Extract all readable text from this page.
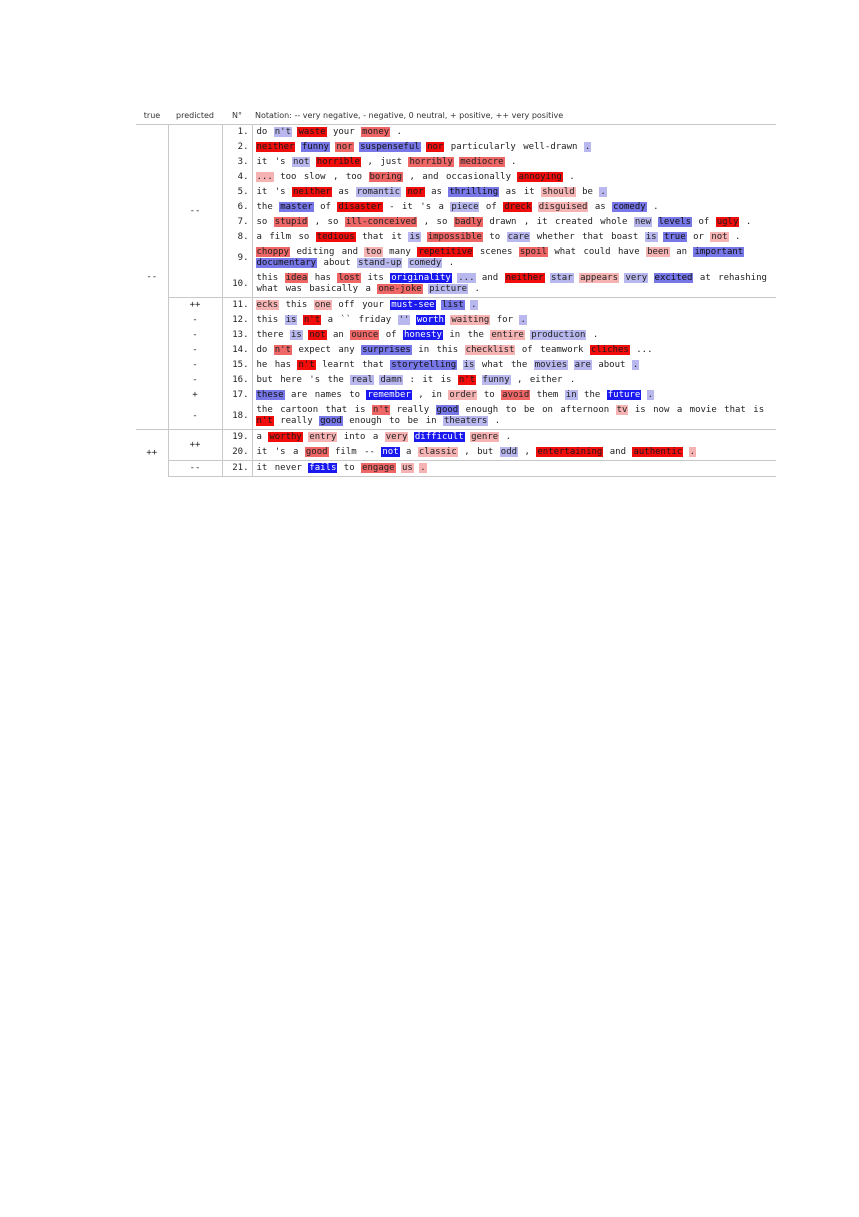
true	predicted	N°	Notation: -- very negative, - negative, 0 neutral, + positive, ++ very positive
--	--	1.	do n't waste your money .
		2.	neither funny nor suspenseful nor particularly well-drawn .
		3.	it 's not horrible , just horribly mediocre .
		4.	... too slow , too boring , and occasionally annoying .
		5.	it 's neither as romantic nor as thrilling as it should be .
		6.	the master of disaster - it 's a piece of dreck disguised as comedy .
		7.	so stupid , so ill-conceived , so badly drawn , it created whole new levels of ugly .
		8.	a film so tedious that it is impossible to care whether that boast is true or not .
		9.	choppy editing and too many repetitive scenes spoil what could have been an important documentary about stand-up comedy .
		10.	this idea has lost its originality ... and neither star appears very excited at rehashing what was basically a one-joke picture .
	++	11.	ecks this one off your must-see list .
	-	12.	this is n't a `` friday '' worth waiting for .
	-	13.	there is not an ounce of honesty in the entire production .
	-	14.	do n't expect any surprises in this checklist of teamwork cliches ...
	-	15.	he has n't learnt that storytelling is what the movies are about .
	-	16.	but here 's the real damn : it is n't funny , either .
	+	17.	these are names to remember , in order to avoid them in the future .
	-	18.	the cartoon that is n't really good enough to be on afternoon tv is now a movie that is n't really good enough to be in theaters .
++	++	19.	a worthy entry into a very difficult genre .
		20.	it 's a good film -- not a classic , but odd , entertaining and authentic .
	--	21.	it never fails to engage us .
